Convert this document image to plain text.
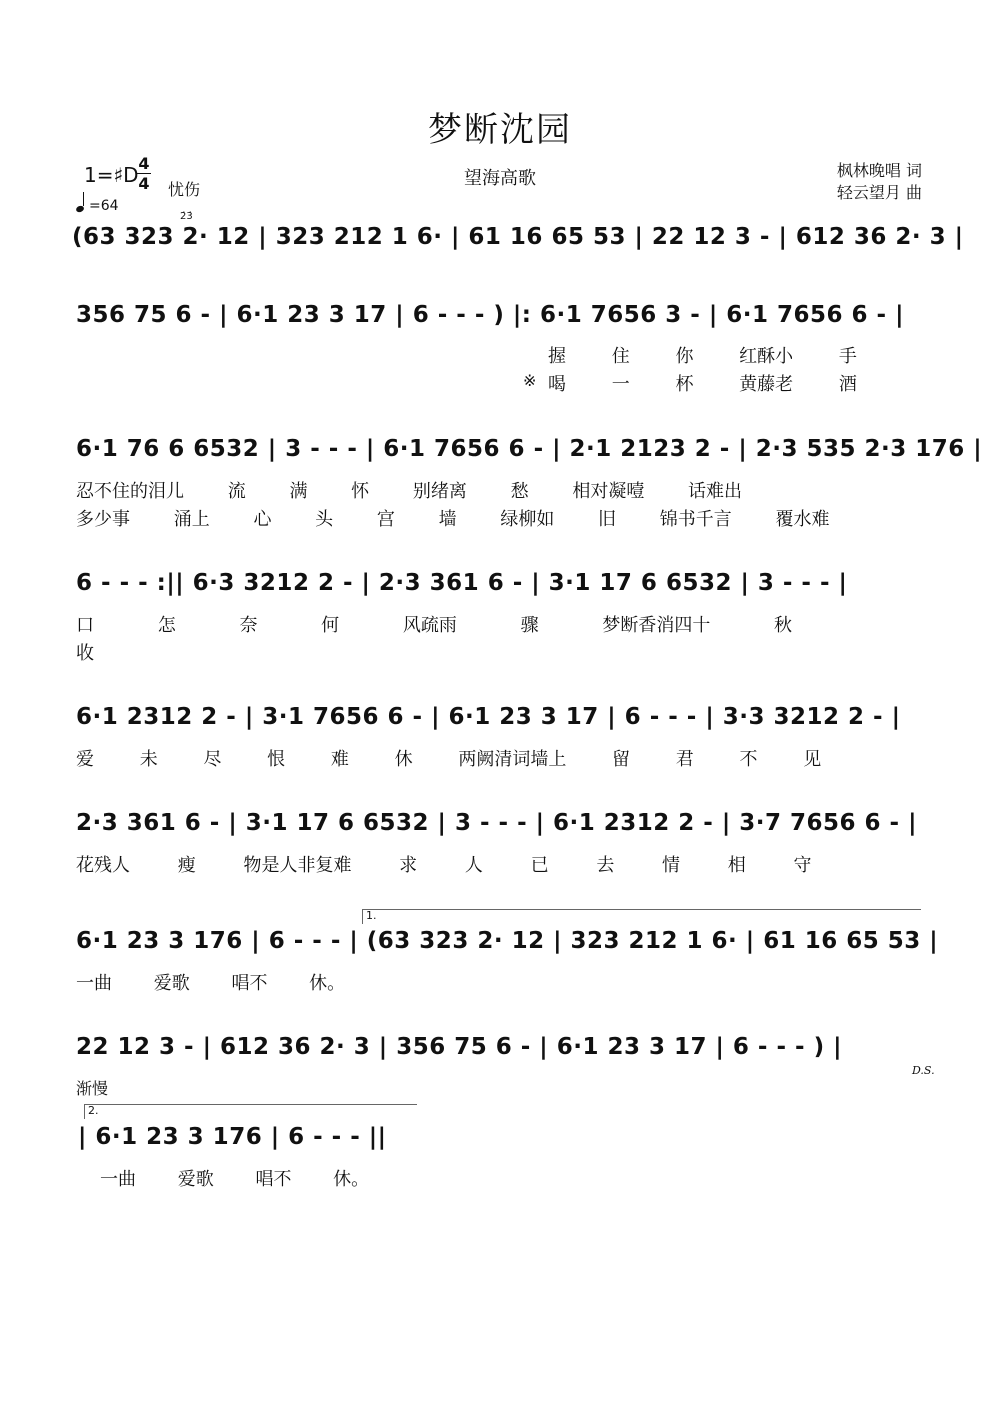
梦断沈园
望海高歌	枫林晚唱 词
轻云望月 曲
1=♯D 4
4 忧伤
=64
2̇3̇
(63 323 2· 12 | 323 212 1 6· | 61 16 65 53 | 22 12 3 - | 612 36 2· 3 |
356 75 6 - | 6·1 23 3 17 | 6 - - - ) |: 6·1 7656 3 - | 6·1 7656 6 - |
握 住 你 红酥小 手
※ 喝 一 杯 黄藤老 酒
6·1 76 6 6532 | 3 - - - | 6·1 7656 6 - | 2·1 2123 2 - | 2·3 535 2·3 176 |
忍不住的泪儿 流 满 怀 别绪离 愁 相对凝噎 话难出
多少事 涌上 心 头 宫 墙 绿柳如 旧 锦书千言 覆水难
6 - - - :|| 6·3 3212 2 - | 2·3 361 6 - | 3·1 17 6 6532 | 3 - - - |
口 怎 奈 何 风疏雨 骤 梦断香消四十 秋
收
6·1 2312 2 - | 3·1 7656 6 - | 6·1 23 3 17 | 6 - - - | 3·3 3212 2 - |
爱 未 尽 恨 难 休 两阙清词墙上 留 君 不 见
2·3 361 6 - | 3·1 17 6 6532 | 3 - - - | 6·1 2312 2 - | 3·7 7656 6 - |
花残人 瘦 物是人非复难 求 人 已 去 情 相 守
1.
6·1 23 3 176 | 6 - - - | (63 323 2· 12 | 323 212 1 6· | 61 16 65 53 |
一曲 爱歌 唱不 休。
22 12 3 - | 612 36 2· 3 | 356 75 6 - | 6·1 23 3 17 | 6 - - - ) |
D.S.
渐慢
2.
| 6·1 23 3 176 | 6 - - - ||
一曲 爱歌 唱不 休。
